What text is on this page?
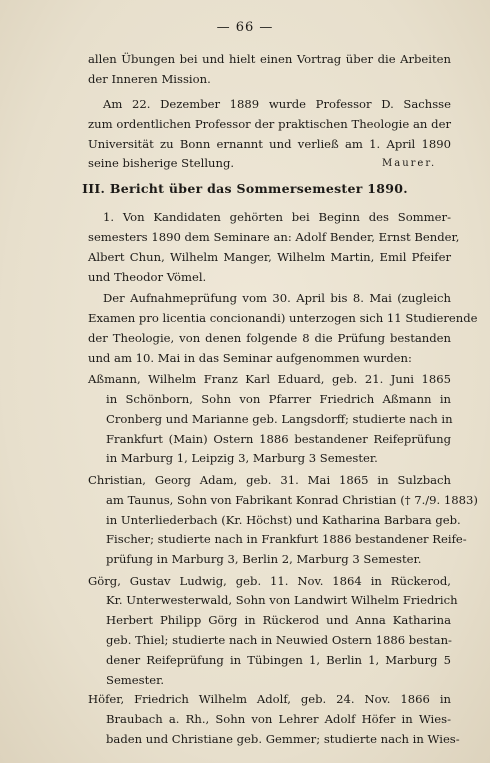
— 66 —
allen Übungen bei und hielt einen Vortrag über die Arbeiten
der Inneren Mission.
Am 22. Dezember 1889 wurde Professor D. Sachsse
zum ordentlichen Professor der praktischen Theologie an der
Universität zu Bonn ernannt und verließ am 1. April 1890
seine bisherige Stellung.	Maurer.
III. Bericht über das Sommersemester 1890.
1. Von Kandidaten gehörten bei Beginn des Sommer-
semesters 1890 dem Seminare an: Adolf Bender, Ernst Bender,
Albert Chun, Wilhelm Manger, Wilhelm Martin, Emil Pfeifer
und Theodor Vömel.
Der Aufnahmeprüfung vom 30. April bis 8. Mai (zugleich
Examen pro licentia concionandi) unterzogen sich 11 Studierende
der Theologie, von denen folgende 8 die Prüfung bestanden
und am 10. Mai in das Seminar aufgenommen wurden:
Aßmann, Wilhelm Franz Karl Eduard, geb. 21. Juni 1865
in Schönborn, Sohn von Pfarrer Friedrich Aßmann in
Cronberg und Marianne geb. Langsdorff; studierte nach in
Frankfurt (Main) Ostern 1886 bestandener Reifeprüfung
in Marburg 1, Leipzig 3, Marburg 3 Semester.
Christian, Georg Adam, geb. 31. Mai 1865 in Sulzbach
am Taunus, Sohn von Fabrikant Konrad Christian († 7./9. 1883)
in Unterliederbach (Kr. Höchst) und Katharina Barbara geb.
Fischer; studierte nach in Frankfurt 1886 bestandener Reife-
prüfung in Marburg 3, Berlin 2, Marburg 3 Semester.
Görg, Gustav Ludwig, geb. 11. Nov. 1864 in Rückerod,
Kr. Unterwesterwald, Sohn von Landwirt Wilhelm Friedrich
Herbert Philipp Görg in Rückerod und Anna Katharina
geb. Thiel; studierte nach in Neuwied Ostern 1886 bestan-
dener Reifeprüfung in Tübingen 1, Berlin 1, Marburg 5
Semester.
Höfer, Friedrich Wilhelm Adolf, geb. 24. Nov. 1866 in
Braubach a. Rh., Sohn von Lehrer Adolf Höfer in Wies-
baden und Christiane geb. Gemmer; studierte nach in Wies-
